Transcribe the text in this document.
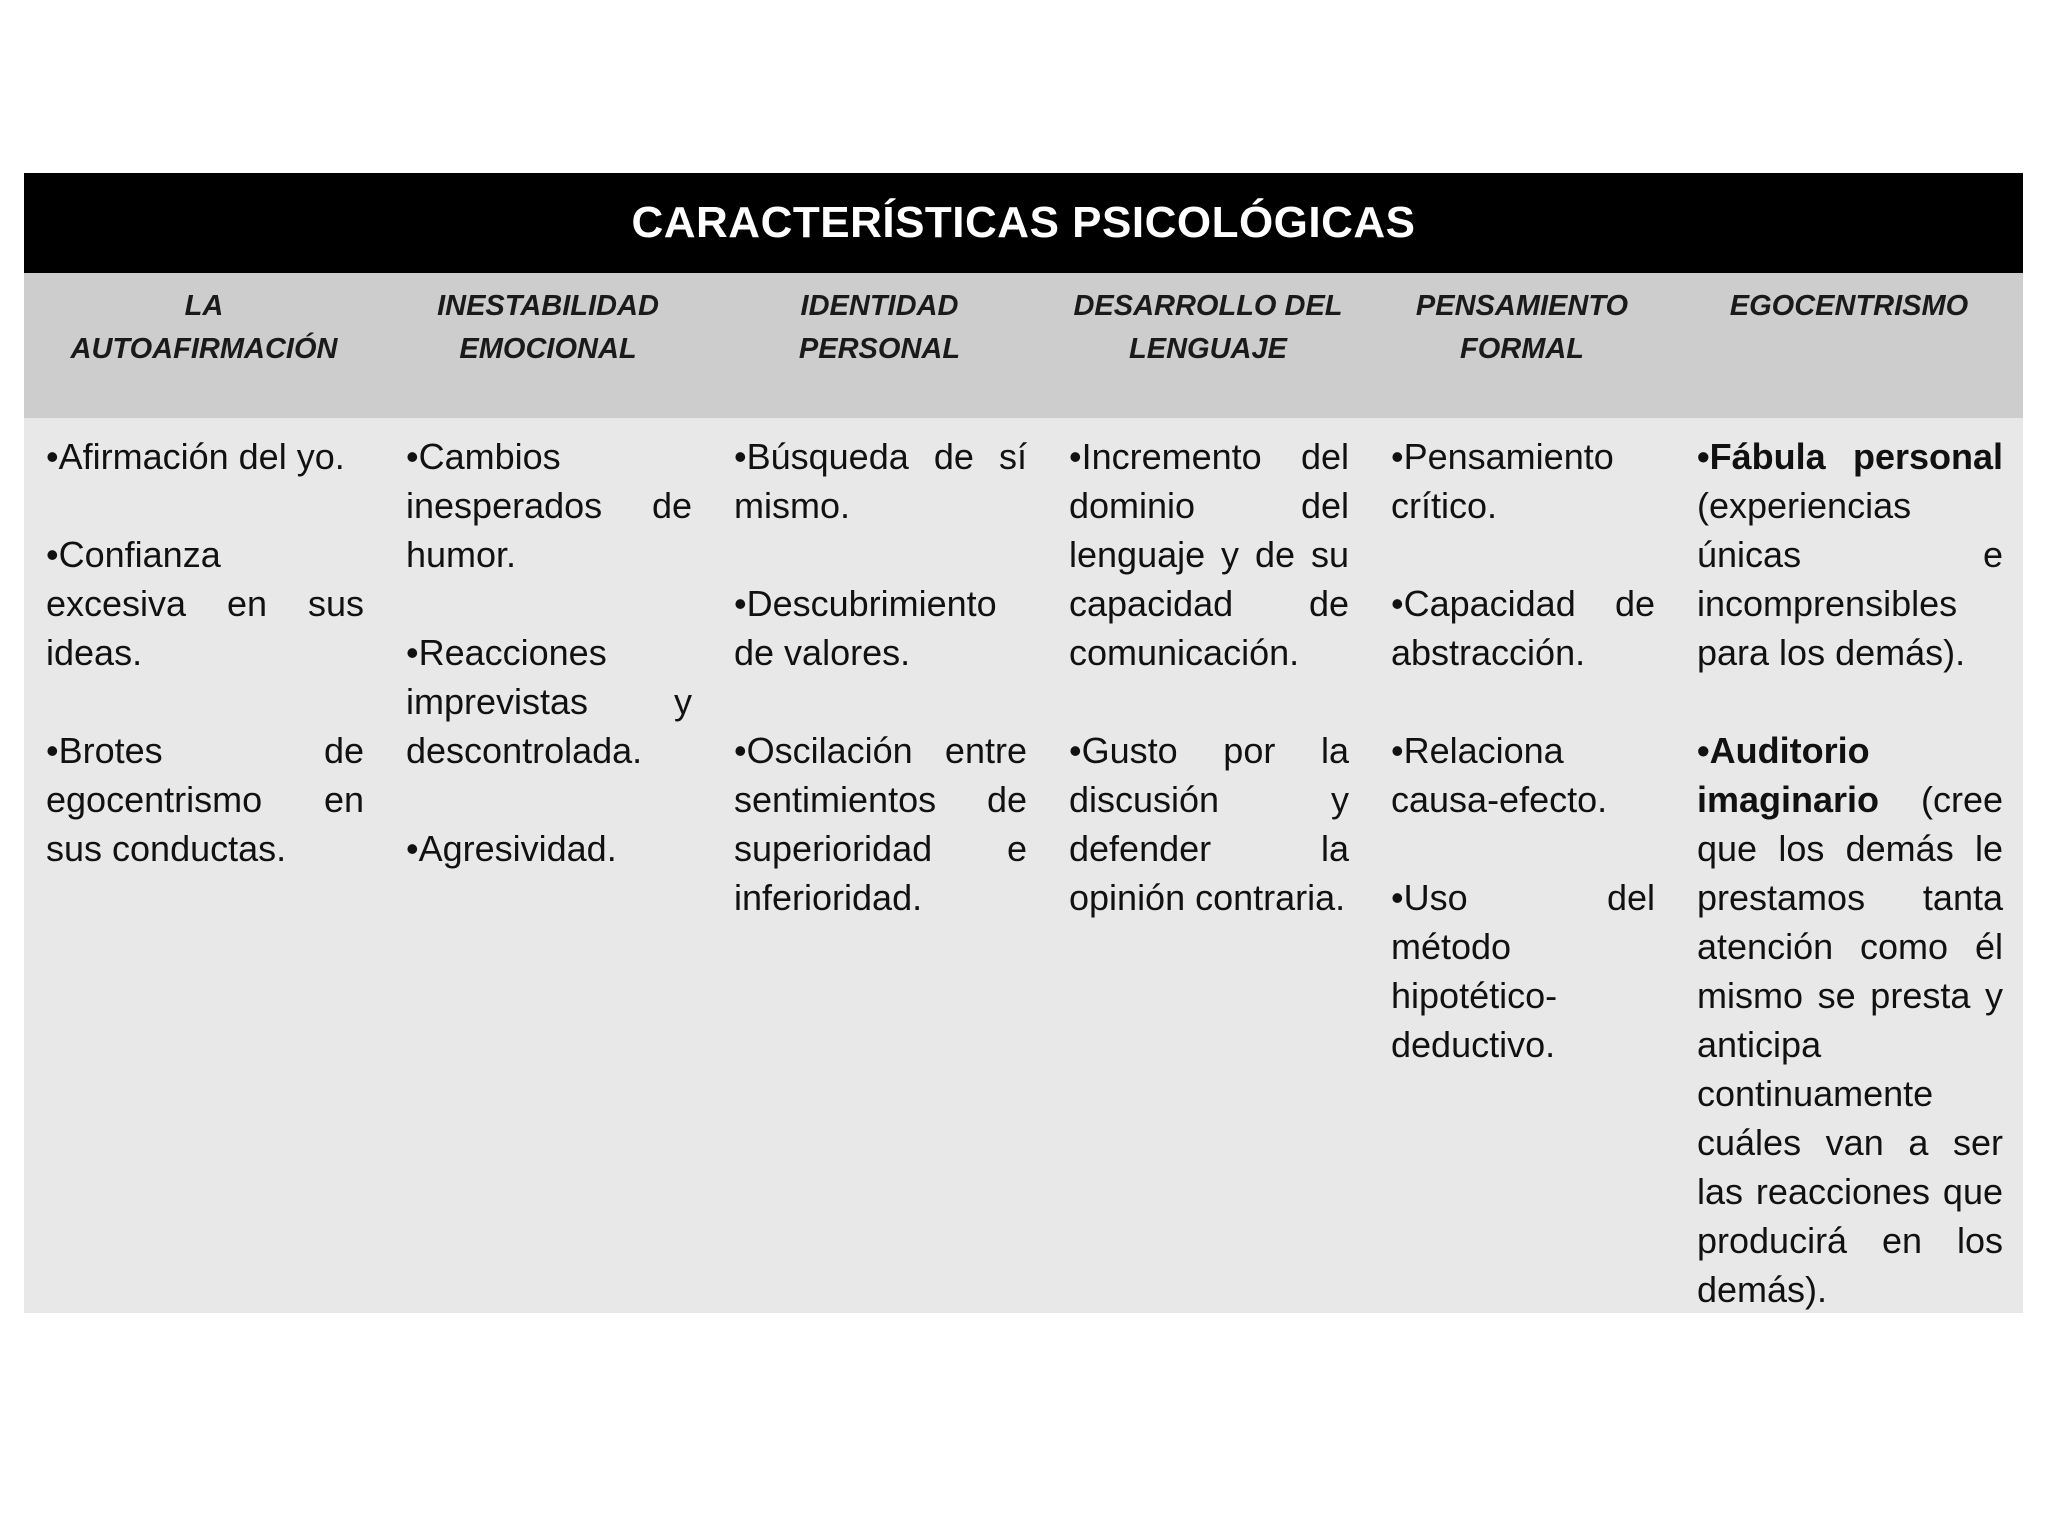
CARACTERÍSTICAS PSICOLÓGICAS
LA
AUTOAFIRMACIÓN
INESTABILIDAD
EMOCIONAL
IDENTIDAD
PERSONAL
DESARROLLO DEL
LENGUAJE
PENSAMIENTO
FORMAL
EGOCENTRISMO

•Afirmación del yo.

•Confianza excesiva en sus ideas.

•Brotes de egocentrismo en sus conductas.

•Cambios inesperados de humor.

•Reacciones imprevistas y descontrolada.

•Agresividad.

•Búsqueda de sí mismo.

•Descubrimiento de valores.

•Oscilación entre sentimientos de superioridad e inferioridad.

•Incremento del dominio del lenguaje y de su capacidad de comunicación.

•Gusto por la discusión y defender la opinión contraria.

•Pensamiento crítico.

•Capacidad de abstracción.

•Relaciona causa-efecto.

•Uso del método hipotético-deductivo.

•Fábula personal (experiencias únicas e incomprensibles para los demás).

•Auditorio imaginario (cree que los demás le prestamos tanta atención como él mismo se presta y anticipa continuamente cuáles van a ser las reacciones que producirá en los demás).
